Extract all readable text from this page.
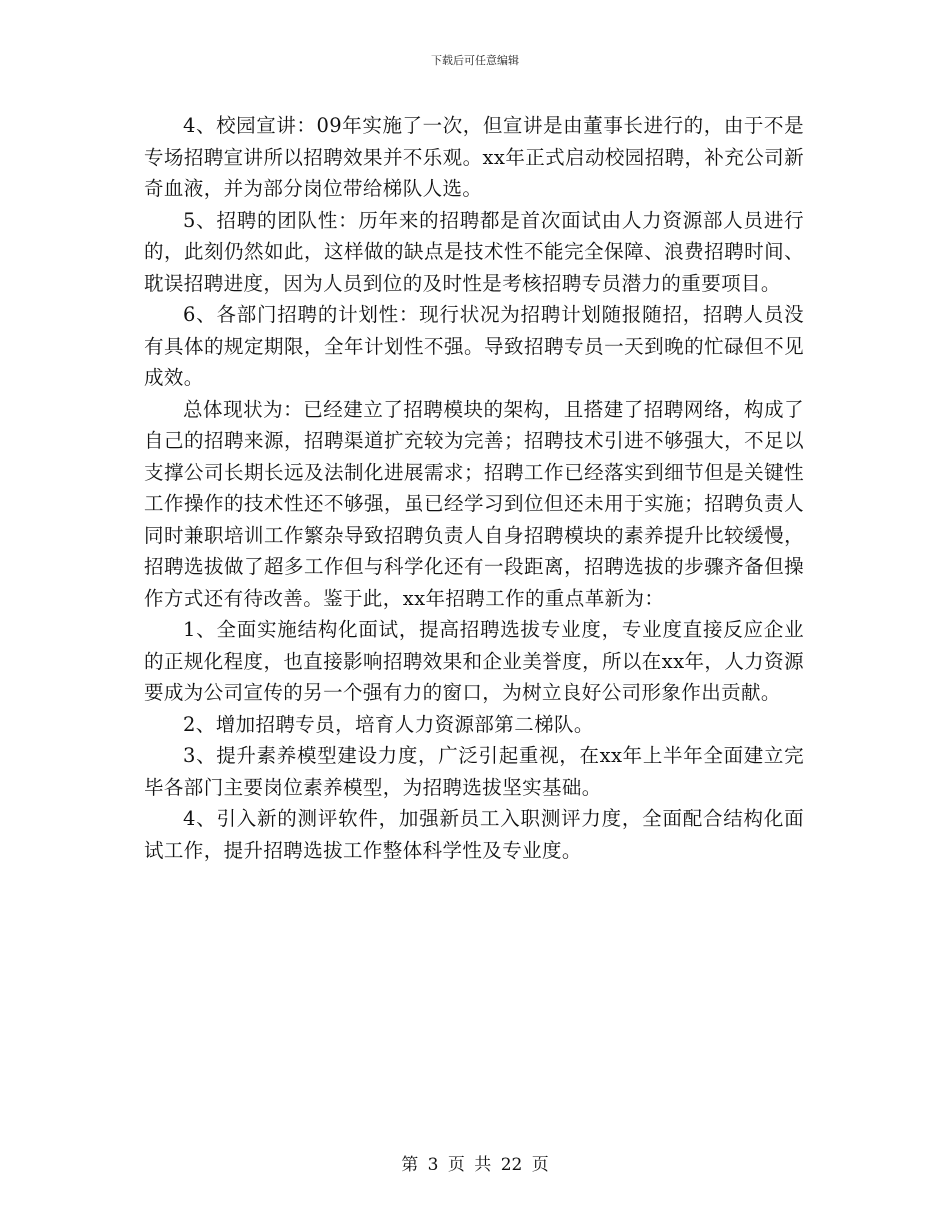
下载后可任意编辑

4、校园宣讲：09年实施了一次，但宣讲是由董事长进行的，由于不是专场招聘宣讲所以招聘效果并不乐观。xx年正式启动校园招聘，补充公司新奇血液，并为部分岗位带给梯队人选。

5、招聘的团队性：历年来的招聘都是首次面试由人力资源部人员进行的，此刻仍然如此，这样做的缺点是技术性不能完全保障、浪费招聘时间、耽误招聘进度，因为人员到位的及时性是考核招聘专员潜力的重要项目。

6、各部门招聘的计划性：现行状况为招聘计划随报随招，招聘人员没有具体的规定期限，全年计划性不强。导致招聘专员一天到晚的忙碌但不见成效。

总体现状为：已经建立了招聘模块的架构，且搭建了招聘网络，构成了自己的招聘来源，招聘渠道扩充较为完善；招聘技术引进不够强大，不足以支撑公司长期长远及法制化进展需求；招聘工作已经落实到细节但是关键性工作操作的技术性还不够强，虽已经学习到位但还未用于实施；招聘负责人同时兼职培训工作繁杂导致招聘负责人自身招聘模块的素养提升比较缓慢，招聘选拔做了超多工作但与科学化还有一段距离，招聘选拔的步骤齐备但操作方式还有待改善。鉴于此，xx年招聘工作的重点革新为：

1、全面实施结构化面试，提高招聘选拔专业度，专业度直接反应企业的正规化程度，也直接影响招聘效果和企业美誉度，所以在xx年，人力资源要成为公司宣传的另一个强有力的窗口，为树立良好公司形象作出贡献。

2、增加招聘专员，培育人力资源部第二梯队。

3、提升素养模型建设力度，广泛引起重视，在xx年上半年全面建立完毕各部门主要岗位素养模型，为招聘选拔坚实基础。

4、引入新的测评软件，加强新员工入职测评力度，全面配合结构化面试工作，提升招聘选拔工作整体科学性及专业度。

第 3 页 共 22 页
